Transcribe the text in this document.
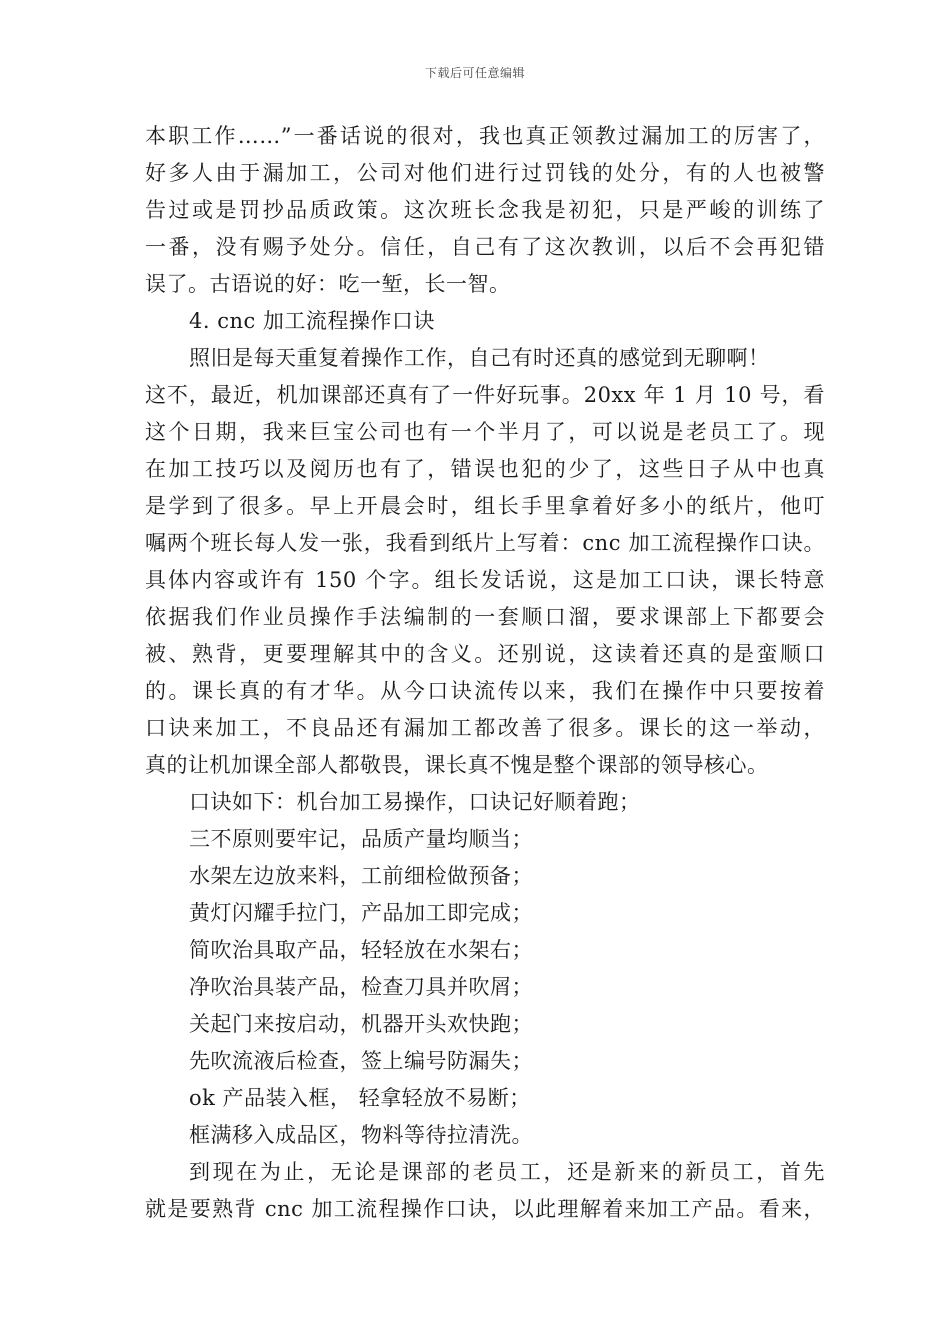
下载后可任意编辑
本职工作……”一番话说的很对，我也真正领教过漏加工的厉害了，
好多人由于漏加工，公司对他们进行过罚钱的处分，有的人也被警
告过或是罚抄品质政策。这次班长念我是初犯，只是严峻的训练了
一番，没有赐予处分。信任，自己有了这次教训，以后不会再犯错
误了。古语说的好：吃一堑，长一智。
4. cnc 加工流程操作口诀
照旧是每天重复着操作工作，自己有时还真的感觉到无聊啊！
这不，最近，机加课部还真有了一件好玩事。20xx 年 1 月 10 号，看
这个日期，我来巨宝公司也有一个半月了，可以说是老员工了。现
在加工技巧以及阅历也有了，错误也犯的少了，这些日子从中也真
是学到了很多。早上开晨会时，组长手里拿着好多小的纸片，他叮
嘱两个班长每人发一张，我看到纸片上写着：cnc 加工流程操作口诀。
具体内容或许有 150 个字。组长发话说，这是加工口诀，课长特意
依据我们作业员操作手法编制的一套顺口溜，要求课部上下都要会
被、熟背，更要理解其中的含义。还别说，这读着还真的是蛮顺口
的。课长真的有才华。从今口诀流传以来，我们在操作中只要按着
口诀来加工，不良品还有漏加工都改善了很多。课长的这一举动，
真的让机加课全部人都敬畏，课长真不愧是整个课部的领导核心。
口诀如下：机台加工易操作，口诀记好顺着跑；
三不原则要牢记，品质产量均顺当；
水架左边放来料，工前细检做预备；
黄灯闪耀手拉门，产品加工即完成；
简吹治具取产品，轻轻放在水架右；
净吹治具装产品，检查刀具并吹屑；
关起门来按启动，机器开头欢快跑；
先吹流液后检查，签上编号防漏失；
ok 产品装入框， 轻拿轻放不易断；
框满移入成品区，物料等待拉清洗。
到现在为止，无论是课部的老员工，还是新来的新员工，首先
就是要熟背 cnc 加工流程操作口诀，以此理解着来加工产品。看来，
